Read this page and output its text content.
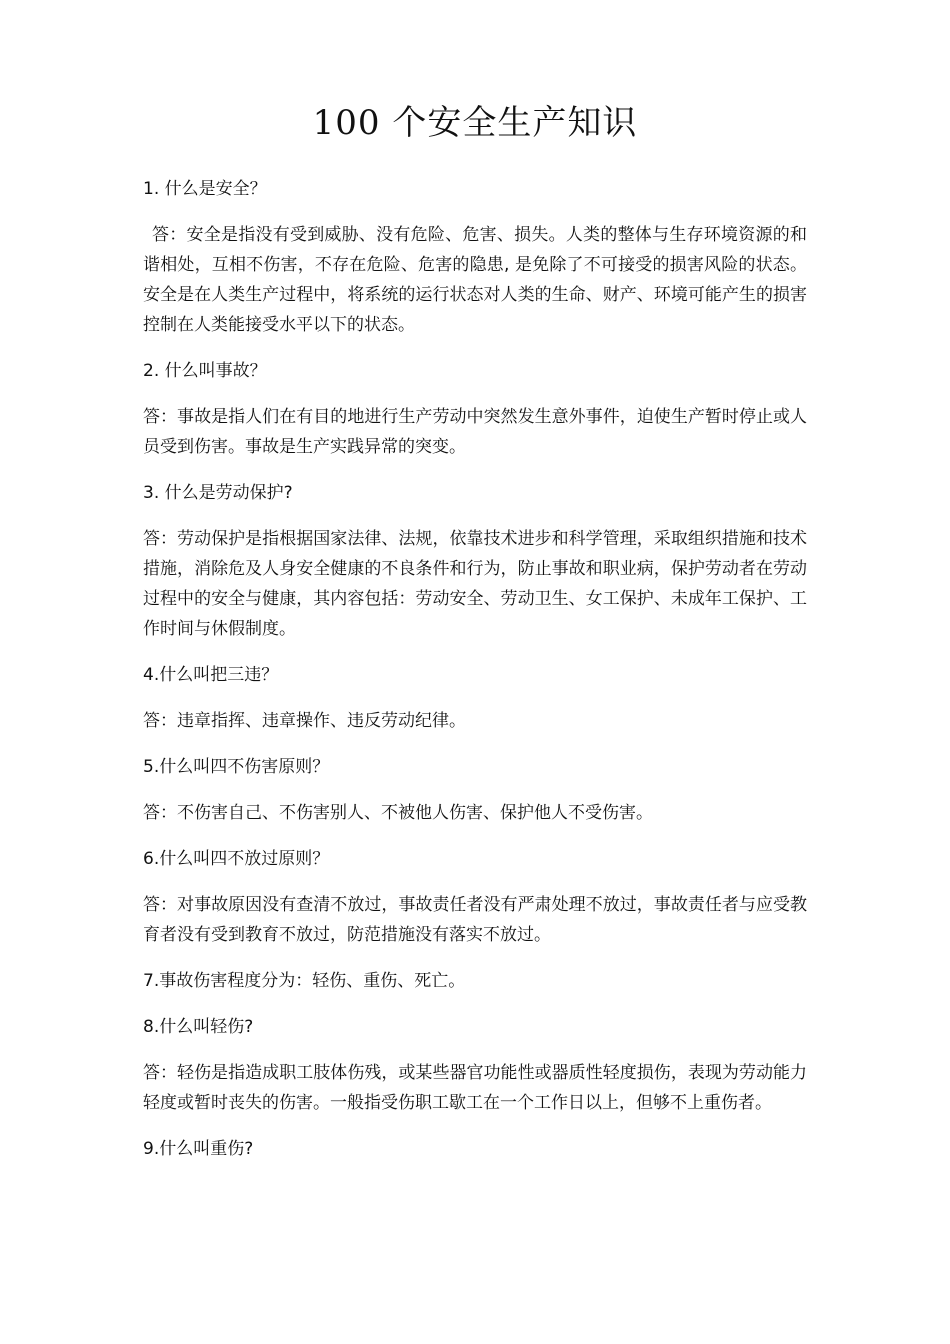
100 个安全生产知识

1. 什么是安全？

答：安全是指没有受到威胁、没有危险、危害、损失。人类的整体与生存环境资源的和谐相处，互相不伤害，不存在危险、危害的隐患, 是免除了不可接受的损害风险的状态。安全是在人类生产过程中，将系统的运行状态对人类的生命、财产、环境可能产生的损害控制在人类能接受水平以下的状态。

2. 什么叫事故？

答：事故是指人们在有目的地进行生产劳动中突然发生意外事件，迫使生产暂时停止或人员受到伤害。事故是生产实践异常的突变。

3. 什么是劳动保护?

答：劳动保护是指根据国家法律、法规，依靠技术进步和科学管理，采取组织措施和技术措施，消除危及人身安全健康的不良条件和行为，防止事故和职业病，保护劳动者在劳动过程中的安全与健康，其内容包括：劳动安全、劳动卫生、女工保护、未成年工保护、工作时间与休假制度。

4.什么叫把三违？

答：违章指挥、违章操作、违反劳动纪律。

5.什么叫四不伤害原则？

答：不伤害自己、不伤害别人、不被他人伤害、保护他人不受伤害。

6.什么叫四不放过原则？

答：对事故原因没有查清不放过，事故责任者没有严肃处理不放过，事故责任者与应受教育者没有受到教育不放过，防范措施没有落实不放过。

7.事故伤害程度分为：轻伤、重伤、死亡。

8.什么叫轻伤?

答：轻伤是指造成职工肢体伤残，或某些器官功能性或器质性轻度损伤，表现为劳动能力轻度或暂时丧失的伤害。一般指受伤职工歇工在一个工作日以上，但够不上重伤者。

9.什么叫重伤?
